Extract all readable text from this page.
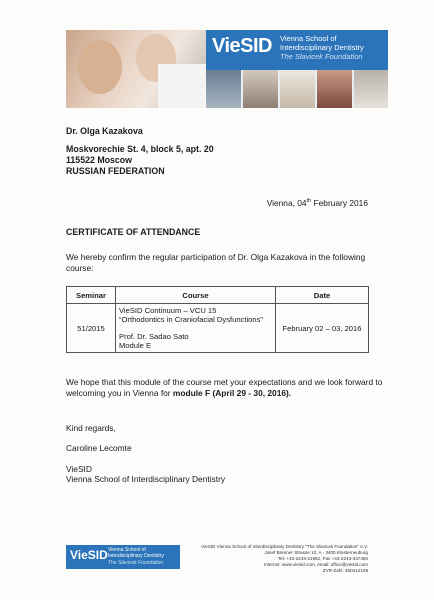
VieSID Vienna School of
Interdisciplinary Dentistry
The Slavicek Foundation
Dr. Olga Kazakova
Moskvorechie St. 4, block 5, apt. 20
115522 Moscow
RUSSIAN FEDERATION
Vienna, 04th February 2016
CERTIFICATE OF ATTENDANCE
We hereby confirm the regular participation of Dr. Olga Kazakova in the following
course:
Seminar	Course	Date
51/2015	VieSID Continuum – VCU 15
“Orthodontics in Craniofacial Dysfunctions”
Prof. Dr. Sadao Sato
Module E	February 02 – 03, 2016
We hope that this module of the course met your expectations and we look forward to
welcoming you in Vienna for module F (April 29 - 30, 2016).
Kind regards,
Caroline Lecomte
VieSID
Vienna School of Interdisciplinary Dentistry
VieSID Vienna School of
Interdisciplinary Dentistry
The Slavicek Foundation
VieSID Vienna School of Interdisciplinary Dentistry "The Slavicek Foundation" e.V.
Josef Brenner Strasse 10, A - 3400 Klosterneuburg
Tel: +43-2243-21962, Fax +43-2243-347450
Internet: www.viesid.com, email: office@viesid.com
ZVR-Zahl: 480412109
